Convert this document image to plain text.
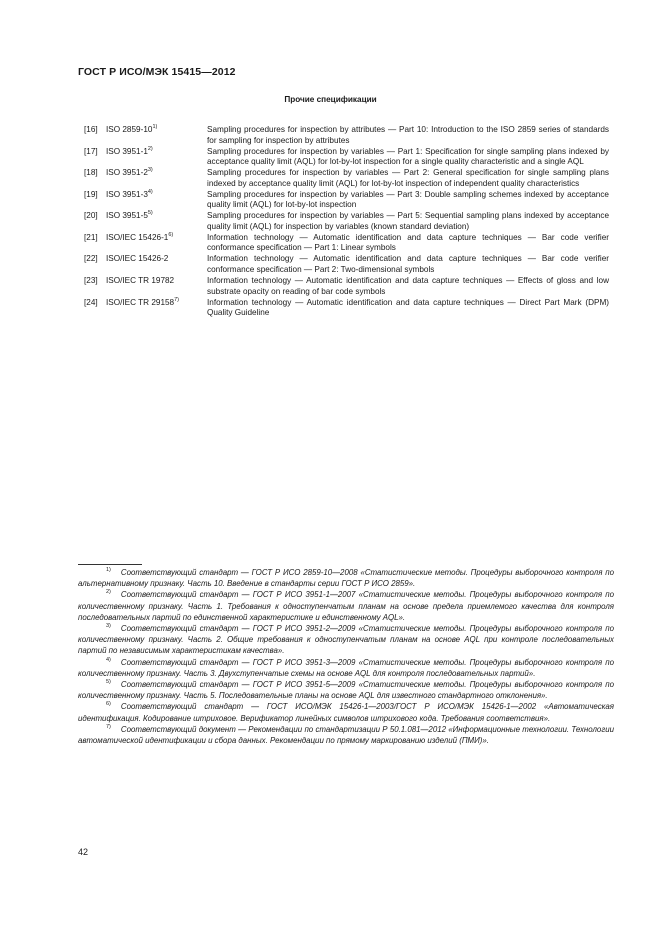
ГОСТ Р ИСО/МЭК 15415—2012
Прочие спецификации
[16]	ISO 2859-10$^{1)}$	Sampling procedures for inspection by attributes — Part 10: Introduction to the ISO 2859 series of standards for sampling for inspection by attributes
[17]	ISO 3951-1$^{2)}$	Sampling procedures for inspection by variables — Part 1: Specification for single sampling plans indexed by acceptance quality limit (AQL) for lot-by-lot inspection for a single quality characteristic and a single AQL
[18]	ISO 3951-2$^{3)}$	Sampling procedures for inspection by variables — Part 2: General specification for single sampling plans indexed by acceptance quality limit (AQL) for lot-by-lot inspection of independent quality characteristics
[19]	ISO 3951-3$^{4)}$	Sampling procedures for inspection by variables — Part 3: Double sampling schemes indexed by acceptance quality limit (AQL) for lot-by-lot inspection
[20]	ISO 3951-5$^{5)}$	Sampling procedures for inspection by variables — Part 5: Sequential sampling plans indexed by acceptance quality limit (AQL) for inspection by variables (known standard deviation)
[21]	ISO/IEC 15426-1$^{6)}$	Information technology — Automatic identification and data capture techniques — Bar code verifier conformance specification — Part 1: Linear symbols
[22]	ISO/IEC 15426-2	Information technology — Automatic identification and data capture techniques — Bar code verifier conformance specification — Part 2: Two-dimensional symbols
[23]	ISO/IEC TR 19782	Information technology — Automatic identification and data capture techniques — Effects of gloss and low substrate opacity on reading of bar code symbols
[24]	ISO/IEC TR 29158$^{7)}$	Information technology — Automatic identification and data capture techniques — Direct Part Mark (DPM) Quality Guideline
1) Соответствующий стандарт — ГОСТ Р ИСО 2859-10—2008 «Статистические методы. Процедуры выборочного контроля по альтернативному признаку. Часть 10. Введение в стандарты серии ГОСТ Р ИСО 2859».
2) Соответствующий стандарт — ГОСТ Р ИСО 3951-1—2007 «Статистические методы. Процедуры выборочного контроля по количественному признаку. Часть 1. Требования к одноступенчатым планам на основе предела приемлемого качества для контроля последовательных партий по единственной характеристике и единственному AQL».
3) Соответствующий стандарт — ГОСТ Р ИСО 3951-2—2009 «Статистические методы. Процедуры выборочного контроля по количественному признаку. Часть 2. Общие требования к одноступенчатым планам на основе AQL при контроле последовательных партий по независимым характеристикам качества».
4) Соответствующий стандарт — ГОСТ Р ИСО 3951-3—2009 «Статистические методы. Процедуры выборочного контроля по количественному признаку. Часть 3. Двухступенчатые схемы на основе AQL для контроля последовательных партий».
5) Соответствующий стандарт — ГОСТ Р ИСО 3951-5—2009 «Статистические методы. Процедуры выборочного контроля по количественному признаку. Часть 5. Последовательные планы на основе AQL для известного стандартного отклонения».
6) Соответствующий стандарт — ГОСТ ИСО/МЭК 15426-1—2003/ГОСТ Р ИСО/МЭК 15426-1—2002 «Автоматическая идентификация. Кодирование штриховое. Верификатор линейных символов штрихового кода. Требования соответствия».
7) Соответствующий документ — Рекомендации по стандартизации Р 50.1.081—2012 «Информационные технологии. Технологии автоматической идентификации и сбора данных. Рекомендации по прямому маркированию изделий (ПМИ)».
42
